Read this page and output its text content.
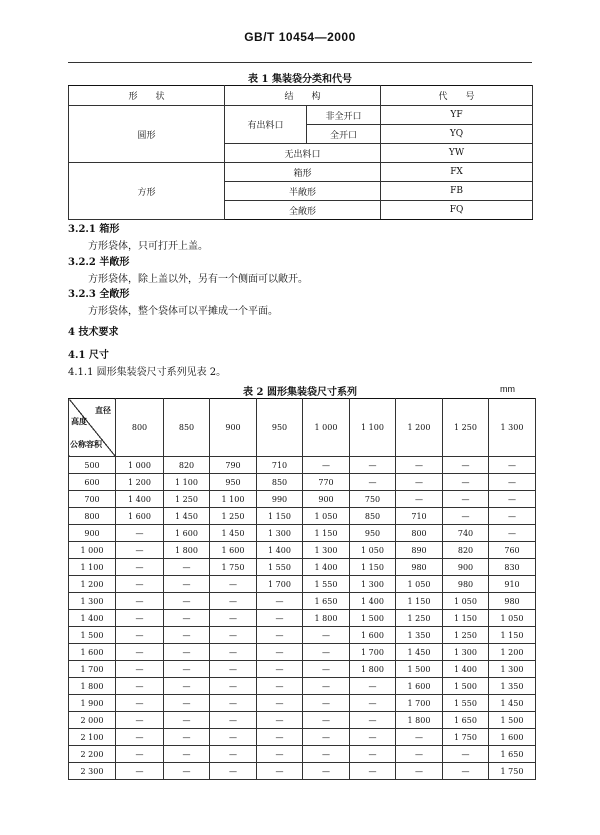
GB/T 10454—2000
表 1 集装袋分类和代号
形　　状	结　　构		代　　号
圆形	有出料口	非全开口	YF
		全开口	YQ
	无出料口		YW
方形	箱形		FX
	半敞形		FB
	全敞形		FQ
3.2.1 箱形
方形袋体，只可打开上盖。
3.2.2 半敞形
方形袋体，除上盖以外，另有一个侧面可以敞开。
3.2.3 全敞形
方形袋体，整个袋体可以平摊成一个平面。
4 技术要求
4.1 尺寸
4.1.1 圆形集装袋尺寸系列见表 2。
表 2 圆形集装袋尺寸系列	mm
直径
高度
公称容积	800	850	900	950	1 000	1 100	1 200	1 250	1 300
500	1 000	820	790	710	—	—	—	—	—
600	1 200	1 100	950	850	770	—	—	—	—
700	1 400	1 250	1 100	990	900	750	—	—	—
800	1 600	1 450	1 250	1 150	1 050	850	710	—	—
900	—	1 600	1 450	1 300	1 150	950	800	740	—
1 000	—	1 800	1 600	1 400	1 300	1 050	890	820	760
1 100	—	—	1 750	1 550	1 400	1 150	980	900	830
1 200	—	—	—	1 700	1 550	1 300	1 050	980	910
1 300	—	—	—	—	1 650	1 400	1 150	1 050	980
1 400	—	—	—	—	1 800	1 500	1 250	1 150	1 050
1 500	—	—	—	—	—	1 600	1 350	1 250	1 150
1 600	—	—	—	—	—	1 700	1 450	1 300	1 200
1 700	—	—	—	—	—	1 800	1 500	1 400	1 300
1 800	—	—	—	—	—	—	1 600	1 500	1 350
1 900	—	—	—	—	—	—	1 700	1 550	1 450
2 000	—	—	—	—	—	—	1 800	1 650	1 500
2 100	—	—	—	—	—	—	—	1 750	1 600
2 200	—	—	—	—	—	—	—	—	1 650
2 300	—	—	—	—	—	—	—	—	1 750
